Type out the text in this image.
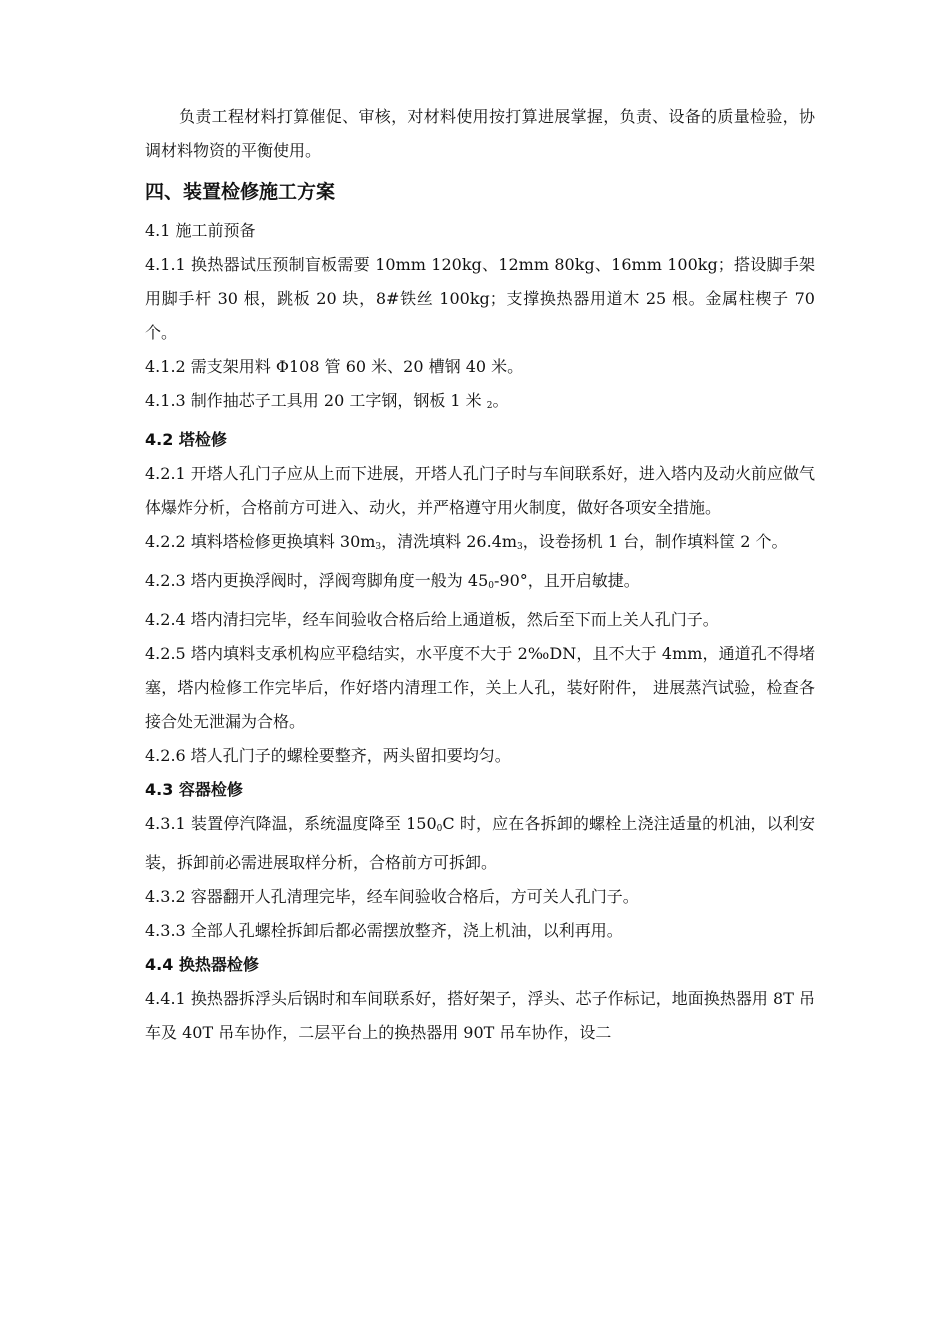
负责工程材料打算催促、审核，对材料使用按打算进展掌握，负责、设备的质量检验，协调材料物资的平衡使用。

四、装置检修施工方案

4.1 施工前预备

4.1.1 换热器试压预制盲板需要 10mm 120kg、12mm 80kg、16mm 100kg；搭设脚手架用脚手杆 30 根，跳板 20 块，8#铁丝 100kg；支撑换热器用道木 25 根。金属柱楔子 70 个。

4.1.2 需支架用料 Φ108 管 60 米、20 槽钢 40 米。

4.1.3 制作抽芯子工具用 20 工字钢，钢板 1 米 $_2$。

4.2 塔检修

4.2.1 开塔人孔门子应从上而下进展，开塔人孔门子时与车间联系好，进入塔内及动火前应做气体爆炸分析，合格前方可进入、动火，并严格遵守用火制度，做好各项安全措施。

4.2.2 填料塔检修更换填料 $30m_3$，清洗填料 $26.4m_3$，设卷扬机 1 台，制作填料筐 2 个。

4.2.3 塔内更换浮阀时，浮阀弯脚角度一般为 $45_0-90^\circ$，且开启敏捷。

4.2.4 塔内清扫完毕，经车间验收合格后给上通道板，然后至下而上关人孔门子。

4.2.5 塔内填料支承机构应平稳结实，水平度不大于 2‰DN，且不大于 4mm，通道孔不得堵塞，塔内检修工作完毕后，作好塔内清理工作，关上人孔，装好附件， 进展蒸汽试验，检查各接合处无泄漏为合格。

4.2.6 塔人孔门子的螺栓要整齐，两头留扣要均匀。

4.3 容器检修

4.3.1 装置停汽降温，系统温度降至 $150_0C$ 时，应在各拆卸的螺栓上浇注适量的机油，以利安装，拆卸前必需进展取样分析，合格前方可拆卸。

4.3.2 容器翻开人孔清理完毕，经车间验收合格后，方可关人孔门子。

4.3.3 全部人孔螺栓拆卸后都必需摆放整齐，浇上机油，以利再用。

4.4 换热器检修

4.4.1 换热器拆浮头后锅时和车间联系好，搭好架子，浮头、芯子作标记，地面换热器用 8T 吊车及 40T 吊车协作，二层平台上的换热器用 90T 吊车协作，设二
